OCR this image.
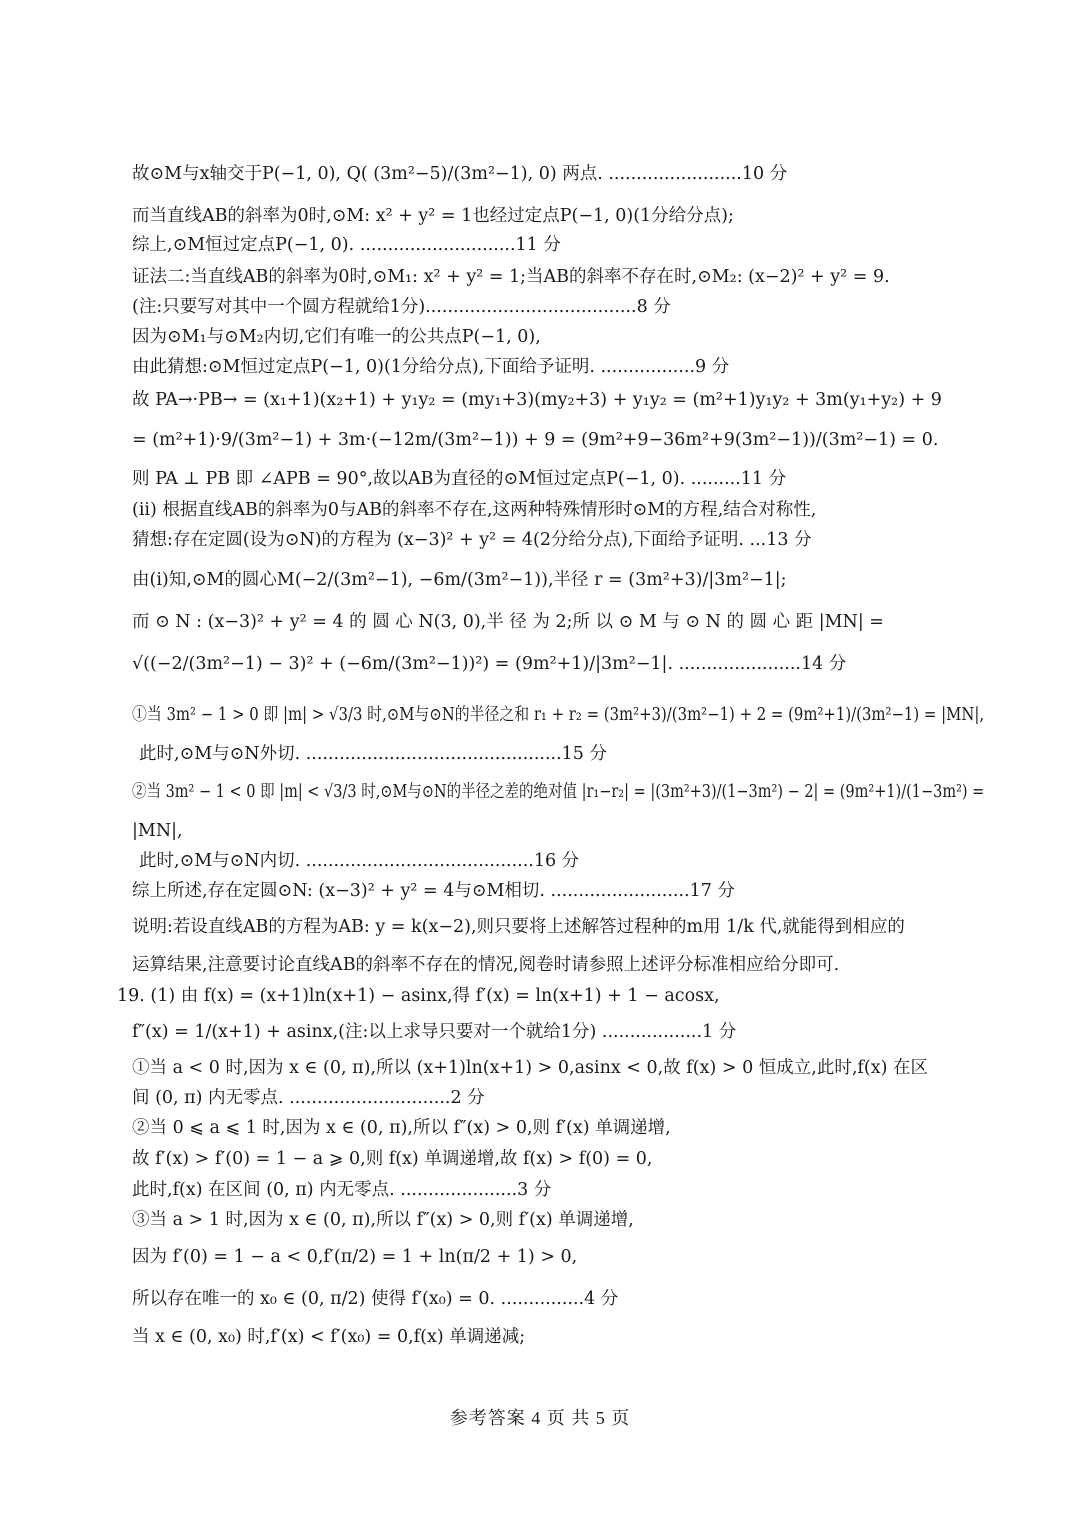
故⊙M与x轴交于P(−1, 0), Q( (3m²−5)/(3m²−1), 0) 两点. ........................10 分
而当直线AB的斜率为0时,⊙M: x² + y² = 1也经过定点P(−1, 0)(1分给分点);
综上,⊙M恒过定点P(−1, 0). ............................11 分
证法二:当直线AB的斜率为0时,⊙M₁: x² + y² = 1;当AB的斜率不存在时,⊙M₂: (x−2)² + y² = 9.
(注:只要写对其中一个圆方程就给1分)......................................8 分
因为⊙M₁与⊙M₂内切,它们有唯一的公共点P(−1, 0),
由此猜想:⊙M恒过定点P(−1, 0)(1分给分点),下面给予证明. .................9 分
故 PA→·PB→ = (x₁+1)(x₂+1) + y₁y₂ = (my₁+3)(my₂+3) + y₁y₂ = (m²+1)y₁y₂ + 3m(y₁+y₂) + 9
= (m²+1)·9/(3m²−1) + 3m·(−12m/(3m²−1)) + 9 = (9m²+9−36m²+9(3m²−1))/(3m²−1) = 0.
则 PA ⊥ PB 即 ∠APB = 90°,故以AB为直径的⊙M恒过定点P(−1, 0). .........11 分
(ii) 根据直线AB的斜率为0与AB的斜率不存在,这两种特殊情形时⊙M的方程,结合对称性,
猜想:存在定圆(设为⊙N)的方程为 (x−3)² + y² = 4(2分给分点),下面给予证明. ...13 分
由(i)知,⊙M的圆心M(−2/(3m²−1), −6m/(3m²−1)),半径 r = (3m²+3)/|3m²−1|;
而 ⊙ N : (x−3)² + y² = 4 的 圆 心 N(3, 0),半 径 为 2;所 以 ⊙ M 与 ⊙ N 的 圆 心 距 |MN| =
√((−2/(3m²−1) − 3)² + (−6m/(3m²−1))²) = (9m²+1)/|3m²−1|. ......................14 分
①当 3m² − 1 > 0 即 |m| > √3/3 时,⊙M与⊙N的半径之和 r₁ + r₂ = (3m²+3)/(3m²−1) + 2 = (9m²+1)/(3m²−1) = |MN|,
此时,⊙M与⊙N外切. ..............................................15 分
②当 3m² − 1 < 0 即 |m| < √3/3 时,⊙M与⊙N的半径之差的绝对值 |r₁−r₂| = |(3m²+3)/(1−3m²) − 2| = (9m²+1)/(1−3m²) =
|MN|,
此时,⊙M与⊙N内切. .........................................16 分
综上所述,存在定圆⊙N: (x−3)² + y² = 4与⊙M相切. .........................17 分
说明:若设直线AB的方程为AB: y = k(x−2),则只要将上述解答过程种的m用 1/k 代,就能得到相应的
运算结果,注意要讨论直线AB的斜率不存在的情况,阅卷时请参照上述评分标准相应给分即可.
19. (1) 由 f(x) = (x+1)ln(x+1) − asinx,得 f′(x) = ln(x+1) + 1 − acosx,
f″(x) = 1/(x+1) + asinx,(注:以上求导只要对一个就给1分) ..................1 分
①当 a < 0 时,因为 x ∈ (0, π),所以 (x+1)ln(x+1) > 0,asinx < 0,故 f(x) > 0 恒成立,此时,f(x) 在区
间 (0, π) 内无零点. .............................2 分
②当 0 ⩽ a ⩽ 1 时,因为 x ∈ (0, π),所以 f″(x) > 0,则 f′(x) 单调递增,
故 f′(x) > f′(0) = 1 − a ⩾ 0,则 f(x) 单调递增,故 f(x) > f(0) = 0,
此时,f(x) 在区间 (0, π) 内无零点. .....................3 分
③当 a > 1 时,因为 x ∈ (0, π),所以 f″(x) > 0,则 f′(x) 单调递增,
因为 f′(0) = 1 − a < 0,f′(π/2) = 1 + ln(π/2 + 1) > 0,
所以存在唯一的 x₀ ∈ (0, π/2) 使得 f′(x₀) = 0. ...............4 分
当 x ∈ (0, x₀) 时,f′(x) < f′(x₀) = 0,f(x) 单调递减;
参考答案 4 页 共 5 页
